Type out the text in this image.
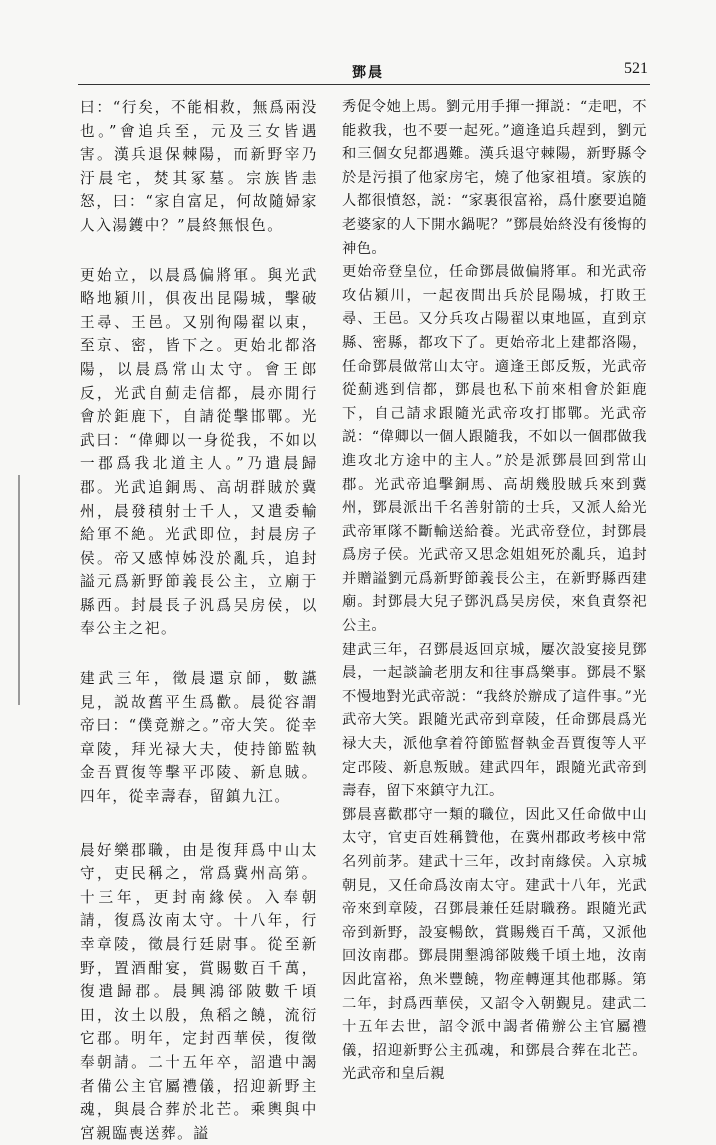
鄧晨	521

曰：“行矣，不能相救，無爲兩没也。”會追兵至，元及三女皆遇害。漢兵退保棘陽，而新野宰乃汙晨宅，焚其冢墓。宗族皆恚怒，曰：“家自富足，何故隨婦家人入湯鑊中？”晨終無恨色。

更始立，以晨爲偏將軍。與光武略地潁川，俱夜出昆陽城，擊破王尋、王邑。又别徇陽翟以東，至京、密，皆下之。更始北都洛陽，以晨爲常山太守。會王郎反，光武自薊走信都，晨亦閒行會於鉅鹿下，自請從擊邯鄲。光武曰：“偉卿以一身從我，不如以一郡爲我北道主人。”乃遣晨歸郡。光武追銅馬、高胡群賊於冀州，晨發積射士千人，又遣委輸給軍不絶。光武即位，封晨房子侯。帝又感悼姊没於亂兵，追封謚元爲新野節義長公主，立廟于縣西。封晨長子汎爲吴房侯，以奉公主之祀。

建武三年，徵晨還京師，數讌見，説故舊平生爲歡。晨從容謂帝曰：“僕竟辦之。”帝大笑。從幸章陵，拜光禄大夫，使持節監執金吾賈復等擊平邔陵、新息賊。四年，從幸壽春，留鎮九江。

晨好樂郡職，由是復拜爲中山太守，吏民稱之，常爲冀州高第。十三年，更封南緣侯。入奉朝請，復爲汝南太守。十八年，行幸章陵，徵晨行廷尉事。從至新野，置酒酣宴，賞賜數百千萬，復遣歸郡。晨興鴻郤陂數千頃田，汝土以殷，魚稻之饒，流衍它郡。明年，定封西華侯，復徵奉朝請。二十五年卒，詔遣中謁者備公主官屬禮儀，招迎新野主魂，與晨合葬於北芒。乘輿與中宮親臨喪送葬。謚

秀促令她上馬。劉元用手揮一揮説：“走吧，不能救我，也不要一起死。”適逢追兵趕到，劉元和三個女兒都遇難。漢兵退守棘陽，新野縣令於是污損了他家房宅，燒了他家祖墳。家族的人都很憤怒，説：“家裏很富裕，爲什麽要追隨老婆家的人下開水鍋呢？”鄧晨始終没有後悔的神色。

更始帝登皇位，任命鄧晨做偏將軍。和光武帝攻佔潁川，一起夜間出兵於昆陽城，打敗王尋、王邑。又分兵攻占陽翟以東地區，直到京縣、密縣，都攻下了。更始帝北上建都洛陽，任命鄧晨做常山太守。適逢王郎反叛，光武帝從薊逃到信都，鄧晨也私下前來相會於鉅鹿下，自己請求跟隨光武帝攻打邯鄲。光武帝説：“偉卿以一個人跟隨我，不如以一個郡做我進攻北方途中的主人。”於是派鄧晨回到常山郡。光武帝追擊銅馬、高胡幾股賊兵來到冀州，鄧晨派出千名善射箭的士兵，又派人給光武帝軍隊不斷輸送給養。光武帝登位，封鄧晨爲房子侯。光武帝又思念姐姐死於亂兵，追封并贈謚劉元爲新野節義長公主，在新野縣西建廟。封鄧晨大兒子鄧汎爲吴房侯，來負責祭祀公主。

建武三年，召鄧晨返回京城，屢次設宴接見鄧晨，一起談論老朋友和往事爲樂事。鄧晨不緊不慢地對光武帝説：“我終於辦成了這件事。”光武帝大笑。跟隨光武帝到章陵，任命鄧晨爲光禄大夫，派他拿着符節監督執金吾賈復等人平定邔陵、新息叛賊。建武四年，跟隨光武帝到壽春，留下來鎮守九江。

鄧晨喜歡郡守一類的職位，因此又任命做中山太守，官吏百姓稱贊他，在冀州郡政考核中常名列前茅。建武十三年，改封南緣侯。入京城朝見，又任命爲汝南太守。建武十八年，光武帝來到章陵，召鄧晨兼任廷尉職務。跟隨光武帝到新野，設宴暢飲，賞賜幾百千萬，又派他回汝南郡。鄧晨開墾鴻郤陂幾千頃土地，汝南因此富裕，魚米豐饒，物産轉運其他郡縣。第二年，封爲西華侯，又詔令入朝覲見。建武二十五年去世，詔令派中謁者備辦公主官屬禮儀，招迎新野公主孤魂，和鄧晨合葬在北芒。光武帝和皇后親
